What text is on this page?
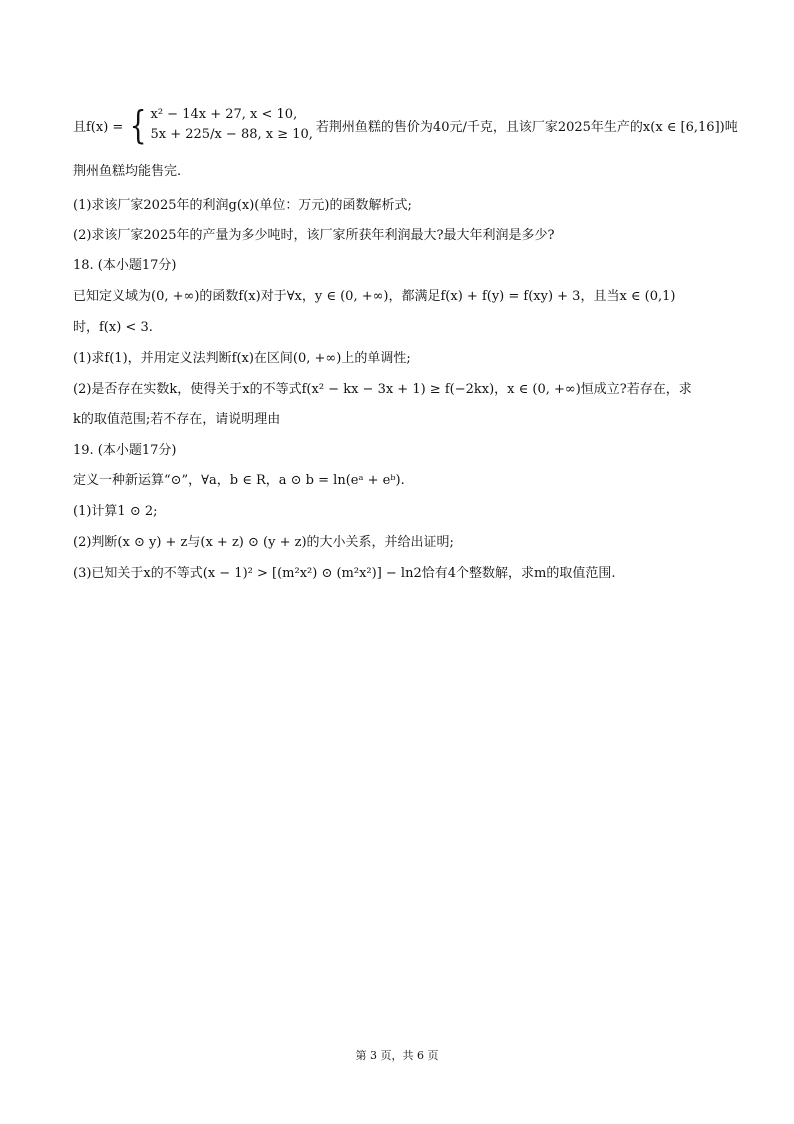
且f(x) = { x² − 14x + 27, x < 10,
5x + 225/x − 88, x ≥ 10, 若荆州鱼糕的售价为40元/千克，且该厂家2025年生产的x(x ∈ [6,16])吨
荆州鱼糕均能售完.
(1)求该厂家2025年的利润g(x)(单位：万元)的函数解析式;
(2)求该厂家2025年的产量为多少吨时，该厂家所获年利润最大?最大年利润是多少?
18. (本小题17分)
已知定义域为(0, +∞)的函数f(x)对于∀x，y ∈ (0, +∞)，都满足f(x) + f(y) = f(xy) + 3，且当x ∈ (0,1)
时，f(x) < 3.
(1)求f(1)，并用定义法判断f(x)在区间(0, +∞)上的单调性;
(2)是否存在实数k，使得关于x的不等式f(x² − kx − 3x + 1) ≥ f(−2kx)，x ∈ (0, +∞)恒成立?若存在，求
k的取值范围;若不存在，请说明理由
19. (本小题17分)
定义一种新运算“⊙”，∀a，b ∈ R，a ⊙ b = ln(eᵃ + eᵇ).
(1)计算1 ⊙ 2;
(2)判断(x ⊙ y) + z与(x + z) ⊙ (y + z)的大小关系，并给出证明;
(3)已知关于x的不等式(x − 1)² > [(m²x²) ⊙ (m²x²)] − ln2恰有4个整数解，求m的取值范围.
第 3 页，共 6 页
